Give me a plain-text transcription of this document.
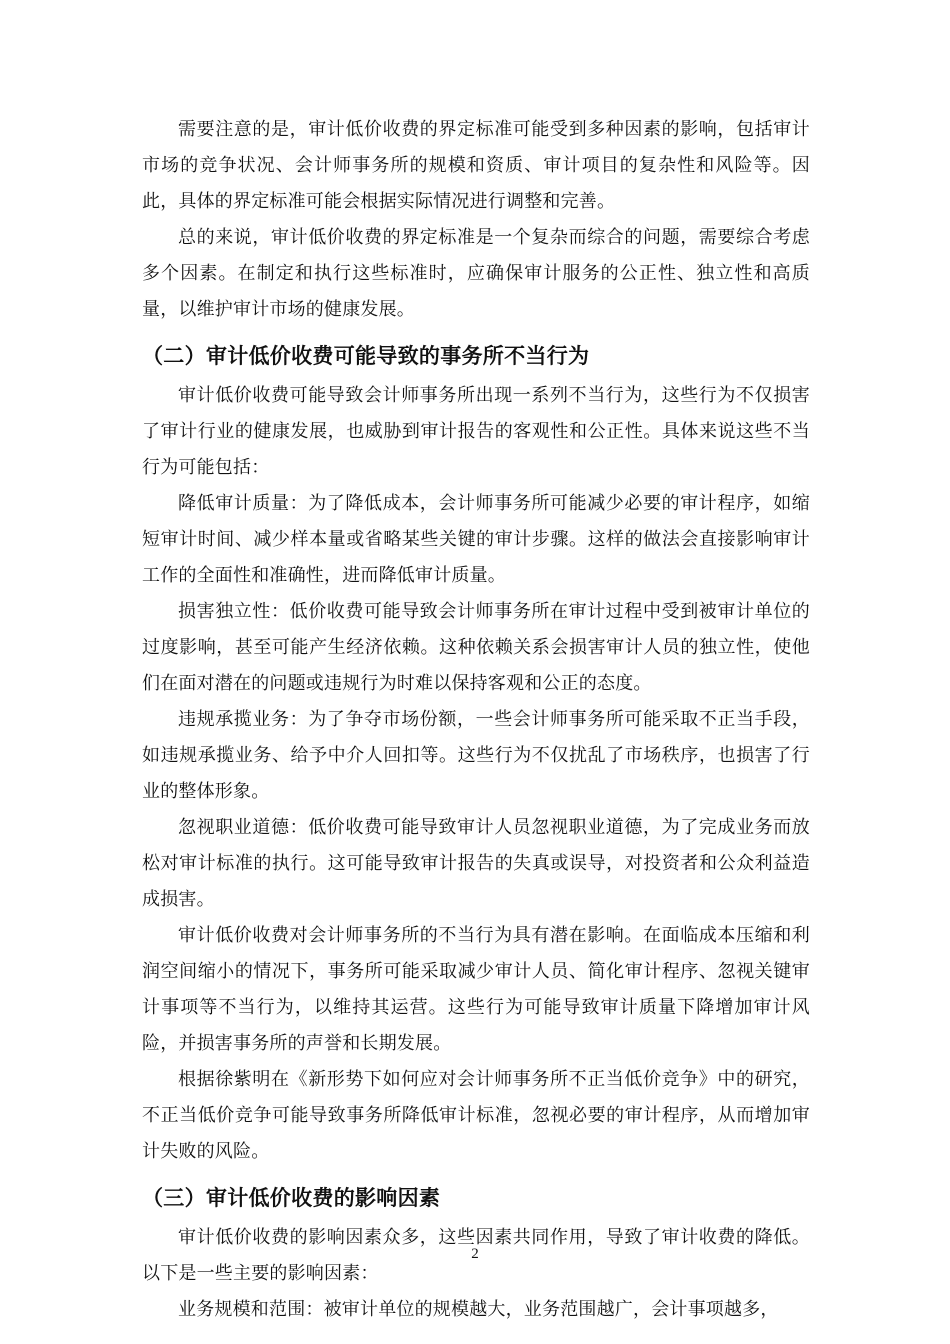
需要注意的是，审计低价收费的界定标准可能受到多种因素的影响，包括审计市场的竞争状况、会计师事务所的规模和资质、审计项目的复杂性和风险等。因此，具体的界定标准可能会根据实际情况进行调整和完善。

总的来说，审计低价收费的界定标准是一个复杂而综合的问题，需要综合考虑多个因素。在制定和执行这些标准时，应确保审计服务的公正性、独立性和高质量，以维护审计市场的健康发展。

（二）审计低价收费可能导致的事务所不当行为

审计低价收费可能导致会计师事务所出现一系列不当行为，这些行为不仅损害了审计行业的健康发展，也威胁到审计报告的客观性和公正性。具体来说这些不当行为可能包括：

降低审计质量：为了降低成本，会计师事务所可能减少必要的审计程序，如缩短审计时间、减少样本量或省略某些关键的审计步骤。这样的做法会直接影响审计工作的全面性和准确性，进而降低审计质量。

损害独立性：低价收费可能导致会计师事务所在审计过程中受到被审计单位的过度影响，甚至可能产生经济依赖。这种依赖关系会损害审计人员的独立性，使他们在面对潜在的问题或违规行为时难以保持客观和公正的态度。

违规承揽业务：为了争夺市场份额，一些会计师事务所可能采取不正当手段，如违规承揽业务、给予中介人回扣等。这些行为不仅扰乱了市场秩序，也损害了行业的整体形象。

忽视职业道德：低价收费可能导致审计人员忽视职业道德，为了完成业务而放松对审计标准的执行。这可能导致审计报告的失真或误导，对投资者和公众利益造成损害。

审计低价收费对会计师事务所的不当行为具有潜在影响。在面临成本压缩和利润空间缩小的情况下，事务所可能采取减少审计人员、简化审计程序、忽视关键审计事项等不当行为，以维持其运营。这些行为可能导致审计质量下降增加审计风险，并损害事务所的声誉和长期发展。

根据徐紫明在《新形势下如何应对会计师事务所不正当低价竞争》中的研究，不正当低价竞争可能导致事务所降低审计标准，忽视必要的审计程序，从而增加审计失败的风险。

（三）审计低价收费的影响因素

审计低价收费的影响因素众多，这些因素共同作用，导致了审计收费的降低。以下是一些主要的影响因素：

业务规模和范围：被审计单位的规模越大，业务范围越广，会计事项越多，

2
